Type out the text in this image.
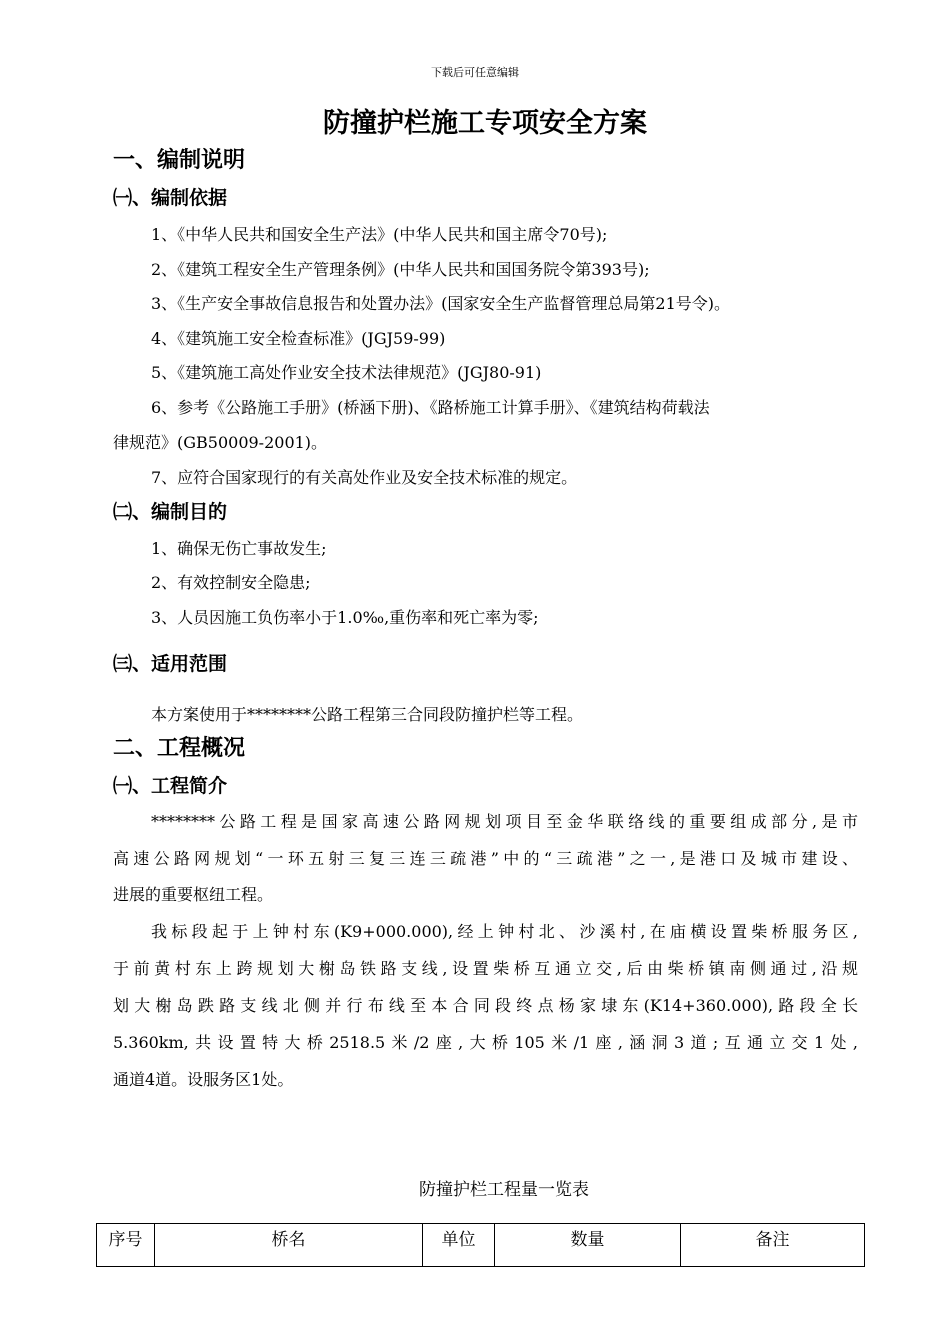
下载后可任意编辑
防撞护栏施工专项安全方案
一、编制说明
㈠、编制依据
1、《中华人民共和国安全生产法》(中华人民共和国主席令70号);
2、《建筑工程安全生产管理条例》(中华人民共和国国务院令第393号);
3、《生产安全事故信息报告和处置办法》(国家安全生产监督管理总局第21号令)。
4、《建筑施工安全检查标准》(JGJ59-99)
5、《建筑施工高处作业安全技术法律规范》(JGJ80-91)
6、参考《公路施工手册》(桥涵下册)、《路桥施工计算手册》、《建筑结构荷载法
律规范》(GB50009-2001)。
7、应符合国家现行的有关高处作业及安全技术标准的规定。
㈡、编制目的
1、确保无伤亡事故发生;
2、有效控制安全隐患;
3、人员因施工负伤率小于1.0‰,重伤率和死亡率为零;
㈢、适用范围
本方案使用于********公路工程第三合同段防撞护栏等工程。
二、工程概况
㈠、工程简介
********公路工程是国家高速公路网规划项目至金华联络线的重要组成部分,是市
高速公路网规划“一环五射三复三连三疏港”中的“三疏港”之一,是港口及城市建设、
进展的重要枢纽工程。
我标段起于上钟村东(K9+000.000),经上钟村北、沙溪村,在庙横设置柴桥服务区,
于前黄村东上跨规划大榭岛铁路支线,设置柴桥互通立交,后由柴桥镇南侧通过,沿规
划大榭岛跌路支线北侧并行布线至本合同段终点杨家埭东(K14+360.000),路段全长
5.360km,共设置特大桥2518.5米/2座,大桥105米/1座,涵洞3道;互通立交1处,
通道4道。设服务区1处。
防撞护栏工程量一览表
序号	桥名	单位	数量	备注
